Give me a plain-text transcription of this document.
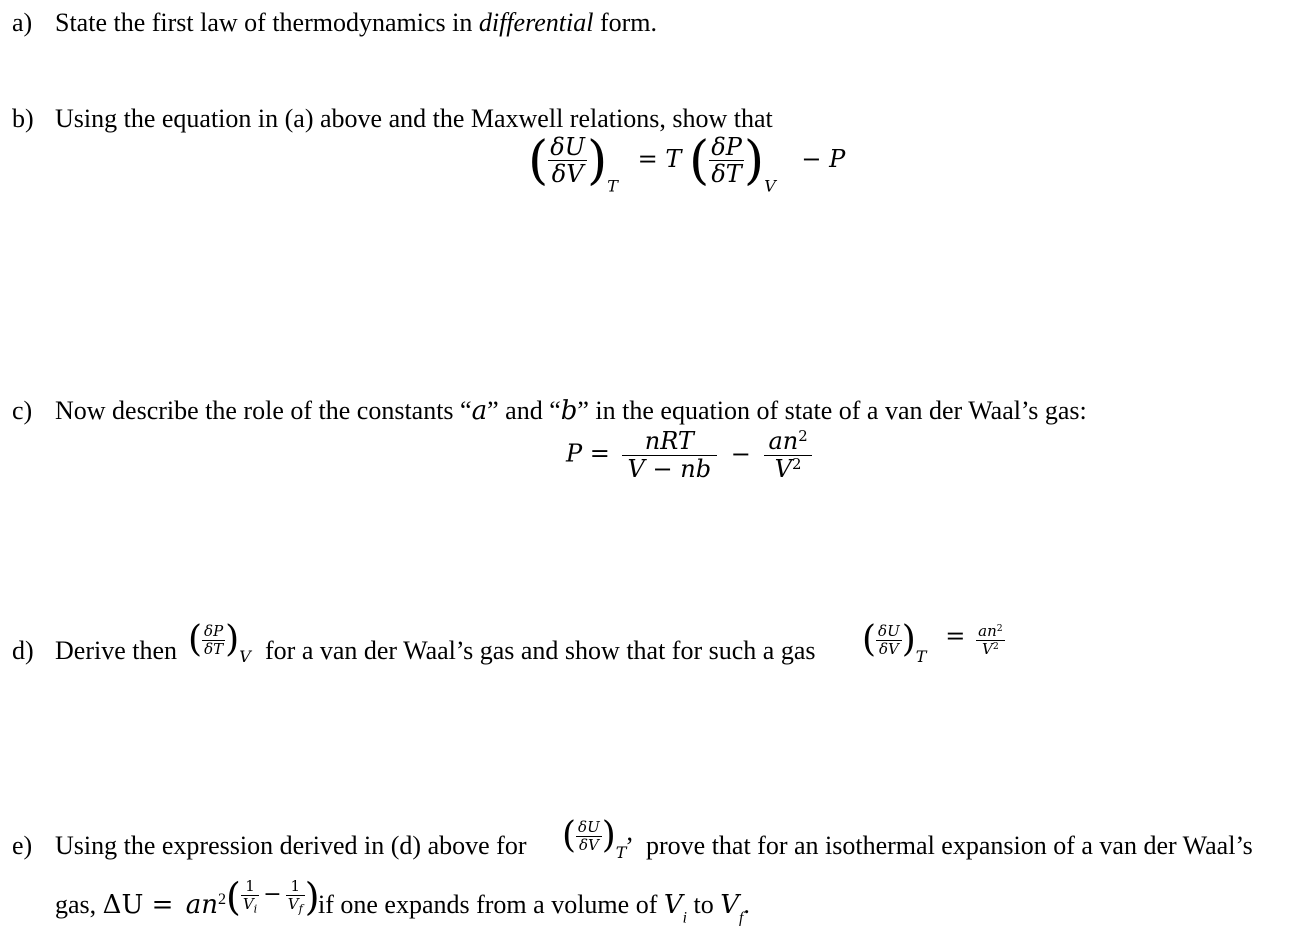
a) State the first law of thermodynamics in differential form.
b) Using the equation in (a) above and the Maxwell relations, show that
( $\frac{\delta U}{\delta V} )_T = T$ ( $\frac{\delta P}{\delta T} )_V - P$
c) Now describe the role of the constants “a” and “b” in the equation of state of a van der Waal’s gas:
$P = \frac{\text{nRT}}{V - nb} - \frac{an^2}{V^2}$
d) Derive then ( $\frac{\delta P}{\delta T} )V$ for a van der Waal’s gas and show that for such a gas ( $\frac{\delta U}{\delta V} )T = \frac{an^2}{V^2}$
e) Using the expression derived in (d) above for ( $\frac{\delta U}{\delta V} )T$, prove that for an isothermal expansion of a van der Waal’s
gas, $\Delta U = an^2$ ( $\frac{1}{V_i} - \frac{1}{V_f}$ )
if one expands from a volume of $V_i$ to $V_f$.
